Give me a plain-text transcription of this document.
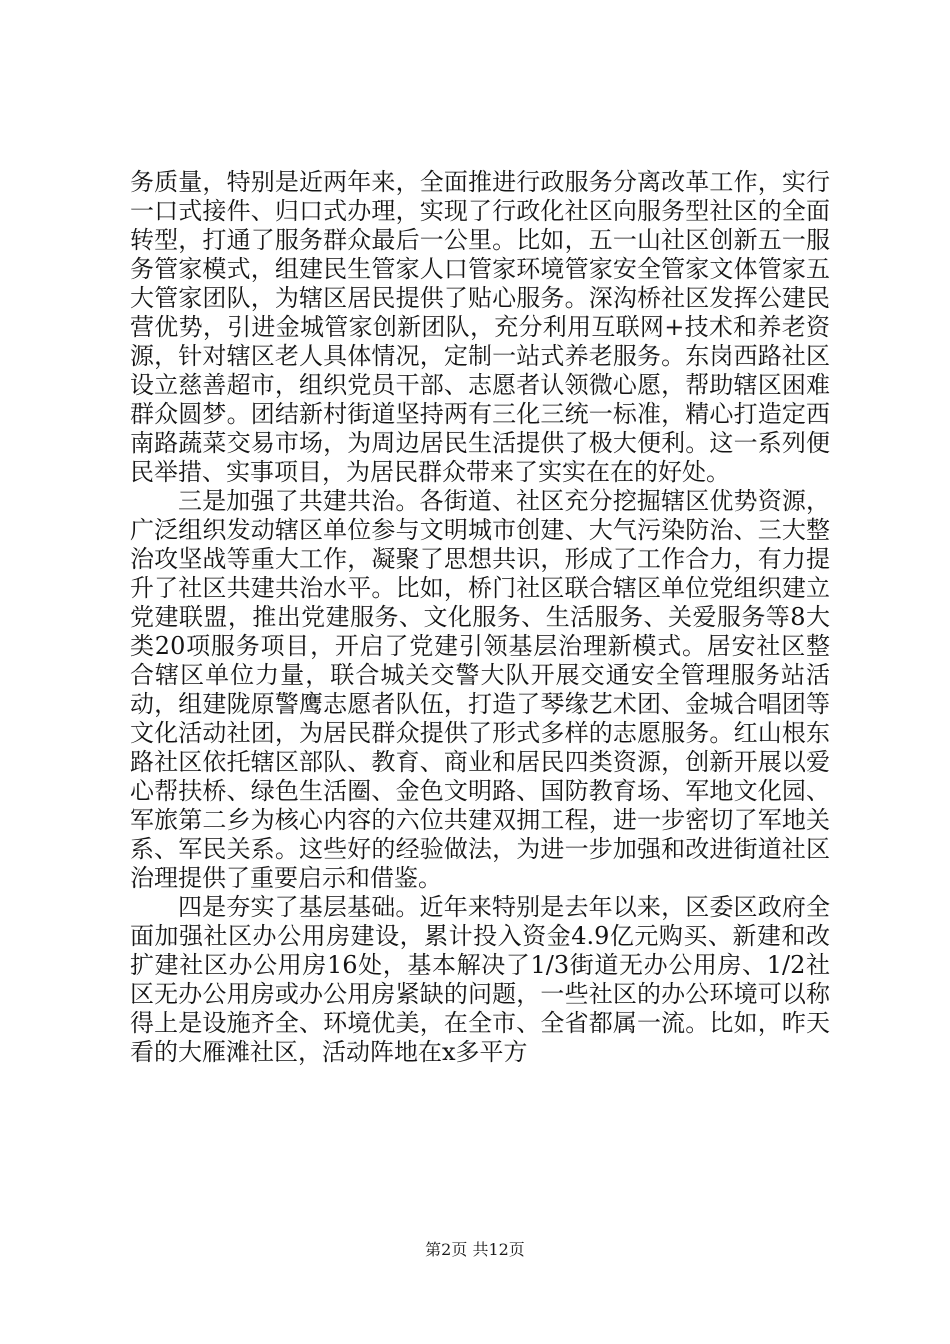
务质量，特别是近两年来，全面推进行政服务分离改革工作，实行一口式接件、归口式办理，实现了行政化社区向服务型社区的全面转型，打通了服务群众最后一公里。比如，五一山社区创新五一服务管家模式，组建民生管家人口管家环境管家安全管家文体管家五大管家团队，为辖区居民提供了贴心服务。深沟桥社区发挥公建民营优势，引进金城管家创新团队，充分利用互联网+技术和养老资源，针对辖区老人具体情况，定制一站式养老服务。东岗西路社区设立慈善超市，组织党员干部、志愿者认领微心愿，帮助辖区困难群众圆梦。团结新村街道坚持两有三化三统一标准，精心打造定西南路蔬菜交易市场，为周边居民生活提供了极大便利。这一系列便民举措、实事项目，为居民群众带来了实实在在的好处。

三是加强了共建共治。各街道、社区充分挖掘辖区优势资源，广泛组织发动辖区单位参与文明城市创建、大气污染防治、三大整治攻坚战等重大工作，凝聚了思想共识，形成了工作合力，有力提升了社区共建共治水平。比如，桥门社区联合辖区单位党组织建立党建联盟，推出党建服务、文化服务、生活服务、关爱服务等8大类20项服务项目，开启了党建引领基层治理新模式。居安社区整合辖区单位力量，联合城关交警大队开展交通安全管理服务站活动，组建陇原警鹰志愿者队伍，打造了琴缘艺术团、金城合唱团等文化活动社团，为居民群众提供了形式多样的志愿服务。红山根东路社区依托辖区部队、教育、商业和居民四类资源，创新开展以爱心帮扶桥、绿色生活圈、金色文明路、国防教育场、军地文化园、军旅第二乡为核心内容的六位共建双拥工程，进一步密切了军地关系、军民关系。这些好的经验做法，为进一步加强和改进街道社区治理提供了重要启示和借鉴。

四是夯实了基层基础。近年来特别是去年以来，区委区政府全面加强社区办公用房建设，累计投入资金4.9亿元购买、新建和改扩建社区办公用房16处，基本解决了1/3街道无办公用房、1/2社区无办公用房或办公用房紧缺的问题，一些社区的办公环境可以称得上是设施齐全、环境优美，在全市、全省都属一流。比如，昨天看的大雁滩社区，活动阵地在x多平方

第2页 共12页
